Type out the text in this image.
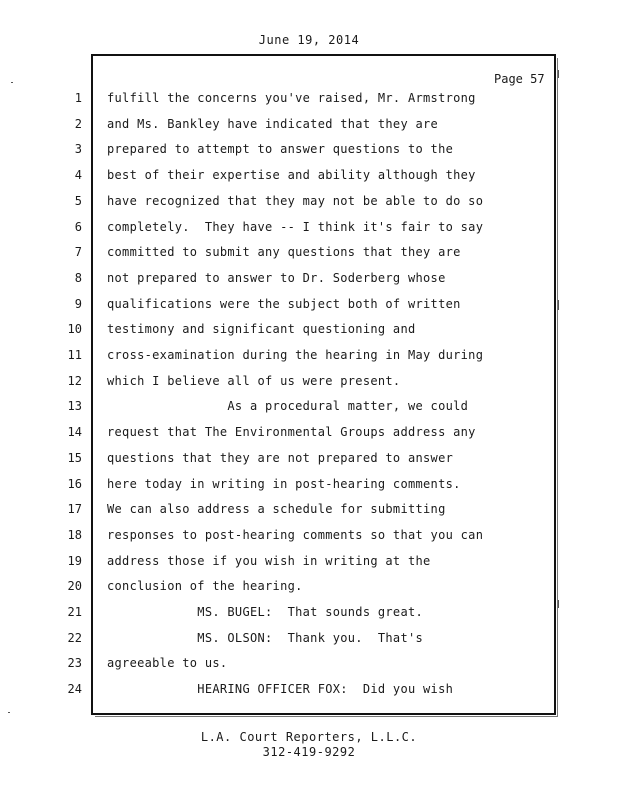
June 19, 2014
Page 57
1 fulfill the concerns you've raised, Mr. Armstrong
2 and Ms. Bankley have indicated that they are
3 prepared to attempt to answer questions to the
4 best of their expertise and ability although they
5 have recognized that they may not be able to do so
6 completely.  They have -- I think it's fair to say
7 committed to submit any questions that they are
8 not prepared to answer to Dr. Soderberg whose
9 qualifications were the subject both of written
10 testimony and significant questioning and
11 cross-examination during the hearing in May during
12 which I believe all of us were present.
13 As a procedural matter, we could
14 request that The Environmental Groups address any
15 questions that they are not prepared to answer
16 here today in writing in post-hearing comments.
17 We can also address a schedule for submitting
18 responses to post-hearing comments so that you can
19 address those if you wish in writing at the
20 conclusion of the hearing.
21 MS. BUGEL:  That sounds great.
22 MS. OLSON:  Thank you.  That's
23 agreeable to us.
24 HEARING OFFICER FOX:  Did you wish
L.A. Court Reporters, L.L.C.
312-419-9292
